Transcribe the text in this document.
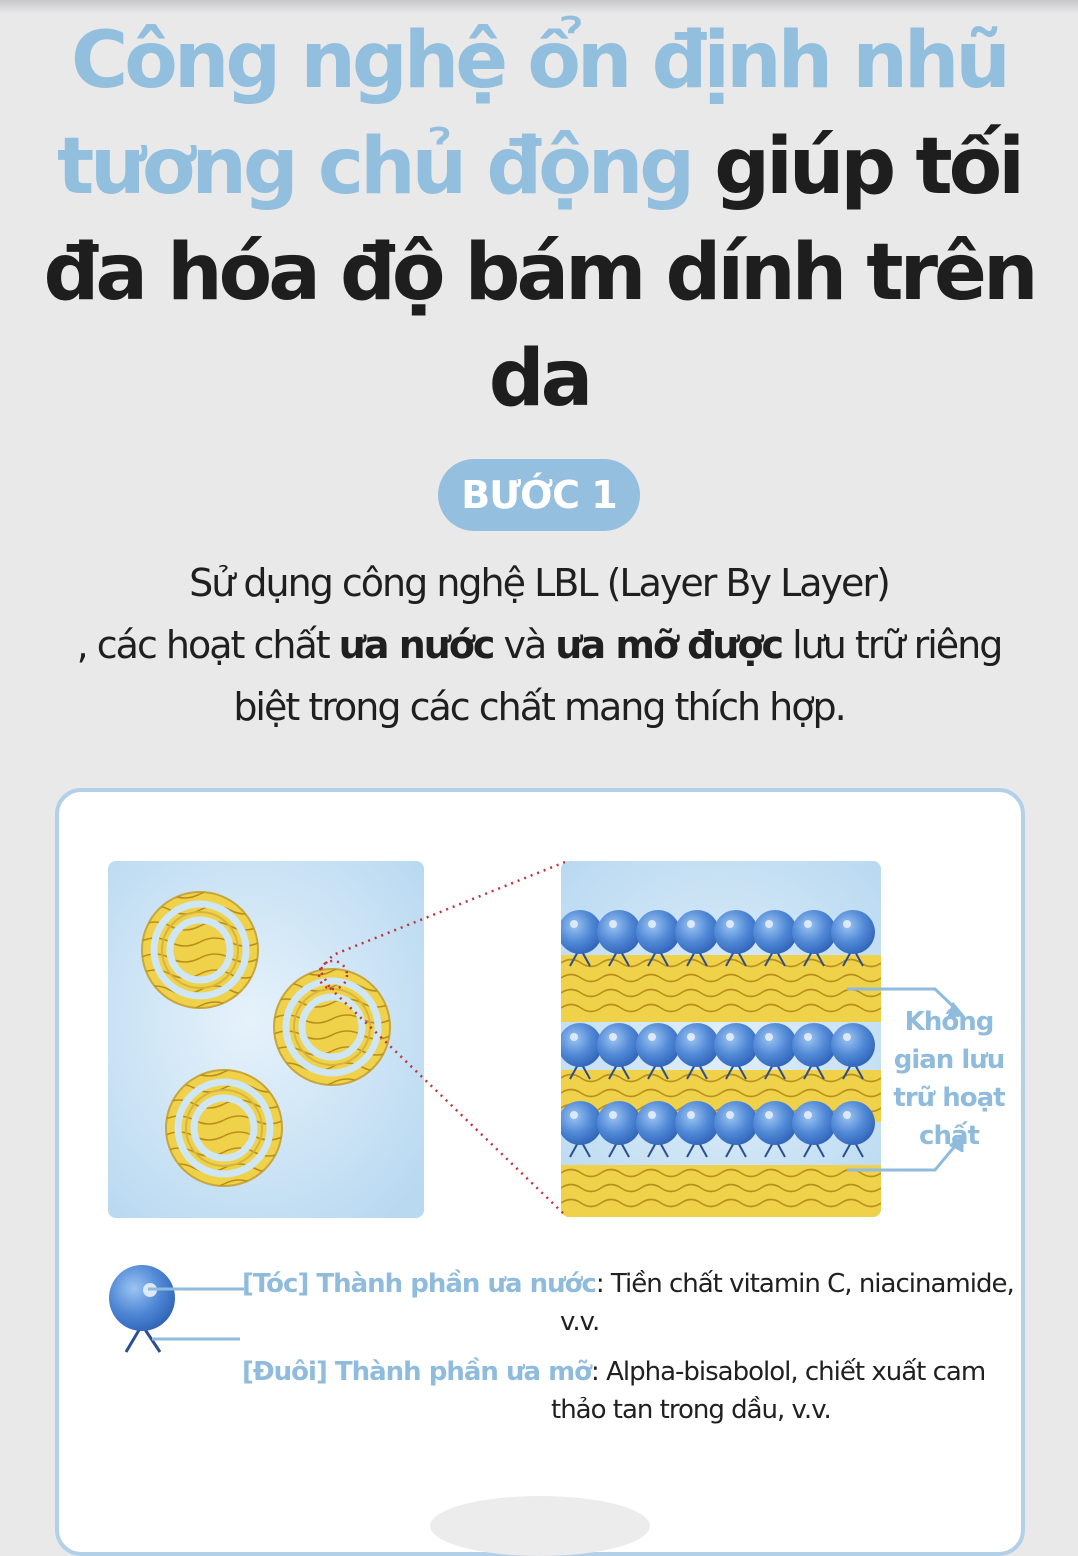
Công nghệ ổn định nhũ
tương chủ động giúp tối
đa hóa độ bám dính trên
da
BƯỚC 1
Sử dụng công nghệ LBL (Layer By Layer)
, các hoạt chất ưa nước và ưa mỡ được lưu trữ riêng
biệt trong các chất mang thích hợp.
Không gian lưu trữ hoạt chất
[Tóc] Thành phần ưa nước: Tiền chất vitamin C, niacinamide,
v.v.
[Đuôi] Thành phần ưa mỡ: Alpha-bisabolol, chiết xuất cam
thảo tan trong dầu, v.v.
